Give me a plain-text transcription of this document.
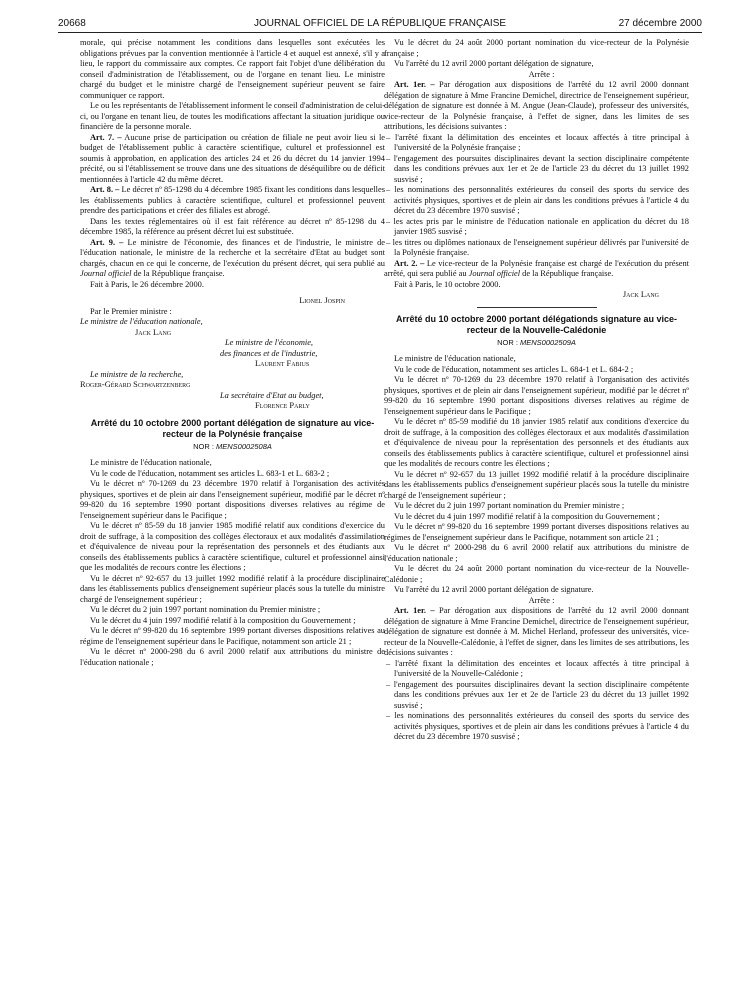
20668	JOURNAL OFFICIEL DE LA RÉPUBLIQUE FRANÇAISE	27 décembre 2000

morale, qui précise notamment les conditions dans lesquelles sont exécutées les obligations prévues par la convention mentionnée à l'article 4 et auquel est annexé, s'il y a lieu, le rapport du commissaire aux comptes. Ce rapport fait l'objet d'une délibération du conseil d'administration de l'établissement, ou de l'organe en tenant lieu. Le ministre chargé du budget et le ministre chargé de l'enseignement supérieur peuvent se faire communiquer ce rapport.

Le ou les représentants de l'établissement informent le conseil d'administration de celui-ci, ou l'organe en tenant lieu, de toutes les modifications affectant la situation juridique ou financière de la personne morale.

Art. 7. – Aucune prise de participation ou création de filiale ne peut avoir lieu si le budget de l'établissement public à caractère scientifique, culturel et professionnel est soumis à approbation, en application des articles 24 et 26 du décret du 14 janvier 1994 précité, ou si l'établissement se trouve dans une des situations de déséquilibre ou de déficit mentionnées à l'article 42 du même décret.

Art. 8. – Le décret nº 85-1298 du 4 décembre 1985 fixant les conditions dans lesquelles les établissements publics à caractère scientifique, culturel et professionnel peuvent prendre des participations et créer des filiales est abrogé.

Dans les textes réglementaires où il est fait référence au décret nº 85-1298 du 4 décembre 1985, la référence au présent décret lui est substituée.

Art. 9. – Le ministre de l'économie, des finances et de l'industrie, le ministre de l'éducation nationale, le ministre de la recherche et la secrétaire d'Etat au budget sont chargés, chacun en ce qui le concerne, de l'exécution du présent décret, qui sera publié au Journal officiel de la République française.

Fait à Paris, le 26 décembre 2000.

Lionel Jospin

Par le Premier ministre :

Le ministre de l'éducation nationale,

Jack Lang

Le ministre de l'économie,

des finances et de l'industrie,

Laurent Fabius

Le ministre de la recherche,

Roger-Gérard Schwartzenberg

La secrétaire d'Etat au budget,

Florence Parly

Arrêté du 10 octobre 2000 portant délégation de signature au vice-recteur de la Polynésie française
NOR : MENS0002508A

Le ministre de l'éducation nationale,

Vu le code de l'éducation, notamment ses articles L. 683-1 et L. 683-2 ;

Vu le décret nº 70-1269 du 23 décembre 1970 relatif à l'organisation des activités physiques, sportives et de plein air dans l'enseignement supérieur, modifié par le décret nº 99-820 du 16 septembre 1990 portant dispositions diverses relatives au régime de l'enseignement supérieur dans le Pacifique ;

Vu le décret nº 85-59 du 18 janvier 1985 modifié relatif aux conditions d'exercice du droit de suffrage, à la composition des collèges électoraux et aux modalités d'assimilation et d'équivalence de niveau pour la représentation des personnels et des étudiants aux conseils des établissements publics à caractère scientifique, culturel et professionnel ainsi que les modalités de recours contre les élections ;

Vu le décret nº 92-657 du 13 juillet 1992 modifié relatif à la procédure disciplinaire dans les établissements publics d'enseignement supérieur placés sous la tutelle du ministre chargé de l'enseignement supérieur ;

Vu le décret du 2 juin 1997 portant nomination du Premier ministre ;

Vu le décret du 4 juin 1997 modifié relatif à la composition du Gouvernement ;

Vu le décret nº 99-820 du 16 septembre 1999 portant diverses dispositions relatives au régime de l'enseignement supérieur dans le Pacifique, notamment son article 21 ;

Vu le décret nº 2000-298 du 6 avril 2000 relatif aux attributions du ministre de l'éducation nationale ;

Vu le décret du 24 août 2000 portant nomination du vice-recteur de la Polynésie française ;

Vu l'arrêté du 12 avril 2000 portant délégation de signature,

Arrête :

Art. 1er. – Par dérogation aux dispositions de l'arrêté du 12 avril 2000 donnant délégation de signature à Mme Francine Demichel, directrice de l'enseignement supérieur, délégation de signature est donnée à M. Angue (Jean-Claude), professeur des universités, vice-recteur de la Polynésie française, à l'effet de signer, dans les limites de ses attributions, les décisions suivantes :

– l'arrêté fixant la délimitation des enceintes et locaux affectés à titre principal à l'université de la Polynésie française ;
– l'engagement des poursuites disciplinaires devant la section disciplinaire compétente dans les conditions prévues aux 1er et 2e de l'article 23 du décret du 13 juillet 1992 susvisé ;
– les nominations des personnalités extérieures du conseil des sports du service des activités physiques, sportives et de plein air dans les conditions prévues à l'article 4 du décret du 23 décembre 1970 susvisé ;
– les actes pris par le ministre de l'éducation nationale en application du décret du 18 janvier 1985 susvisé ;
– les titres ou diplômes nationaux de l'enseignement supérieur délivrés par l'université de la Polynésie française.

Art. 2. – Le vice-recteur de la Polynésie française est chargé de l'exécution du présent arrêté, qui sera publié au Journal officiel de la République française.

Fait à Paris, le 10 octobre 2000.

Jack Lang

Arrêté du 10 octobre 2000 portant délégationds signature au vice-recteur de la Nouvelle-Calédonie
NOR : MENS0002509A

Le ministre de l'éducation nationale,

Vu le code de l'éducation, notamment ses articles L. 684-1 et L. 684-2 ;

Vu le décret nº 70-1269 du 23 décembre 1970 relatif à l'organisation des activités physiques, sportives et de plein air dans l'enseignement supérieur, modifié par le décret nº 99-820 du 16 septembre 1990 portant dispositions diverses relatives au régime de l'enseignement supérieur dans le Pacifique ;

Vu le décret nº 85-59 modifié du 18 janvier 1985 relatif aux conditions d'exercice du droit de suffrage, à la composition des collèges électoraux et aux modalités d'assimilation et d'équivalence de niveau pour la représentation des personnels et des étudiants aux conseils des établissements publics à caractère scientifique, culturel et professionnel ainsi que les modalités de recours contre les élections ;

Vu le décret nº 92-657 du 13 juillet 1992 modifié relatif à la procédure disciplinaire dans les établissements publics d'enseignement supérieur placés sous la tutelle du ministre chargé de l'enseignement supérieur ;

Vu le décret du 2 juin 1997 portant nomination du Premier ministre ;

Vu le décret du 4 juin 1997 modifié relatif à la composition du Gouvernement ;

Vu le décret nº 99-820 du 16 septembre 1999 portant diverses dispositions relatives au régimes de l'enseignement supérieur dans le Pacifique, notamment son article 21 ;

Vu le décret nº 2000-298 du 6 avril 2000 relatif aux attributions du ministre de l'éducation nationale ;

Vu le décret du 24 août 2000 portant nomination du vice-recteur de la Nouvelle-Calédonie ;

Vu l'arrêté du 12 avril 2000 portant délégation de signature.

Arrête :

Art. 1er. – Par dérogation aux dispositions de l'arrêté du 12 avril 2000 donnant délégation de signature à Mme Francine Demichel, directrice de l'enseignement supérieur, délégation de signature est donnée à M. Michel Herland, professeur des universités, vice-recteur de la Nouvelle-Calédonie, à l'effet de signer, dans les limites de ses attributions, les décisions suivantes :

– l'arrêté fixant la délimitation des enceintes et locaux affectés à titre principal à l'université de la Nouvelle-Calédonie ;
– l'engagement des poursuites disciplinaires devant la section disciplinaire compétente dans les conditions prévues aux 1er et 2e de l'article 23 du décret du 13 juillet 1992 susvisé ;
– les nominations des personnalités extérieures du conseil des sports du service des activités physiques, sportives et de plein air dans les conditions prévues à l'article 4 du décret du 23 décembre 1970 susvisé ;
